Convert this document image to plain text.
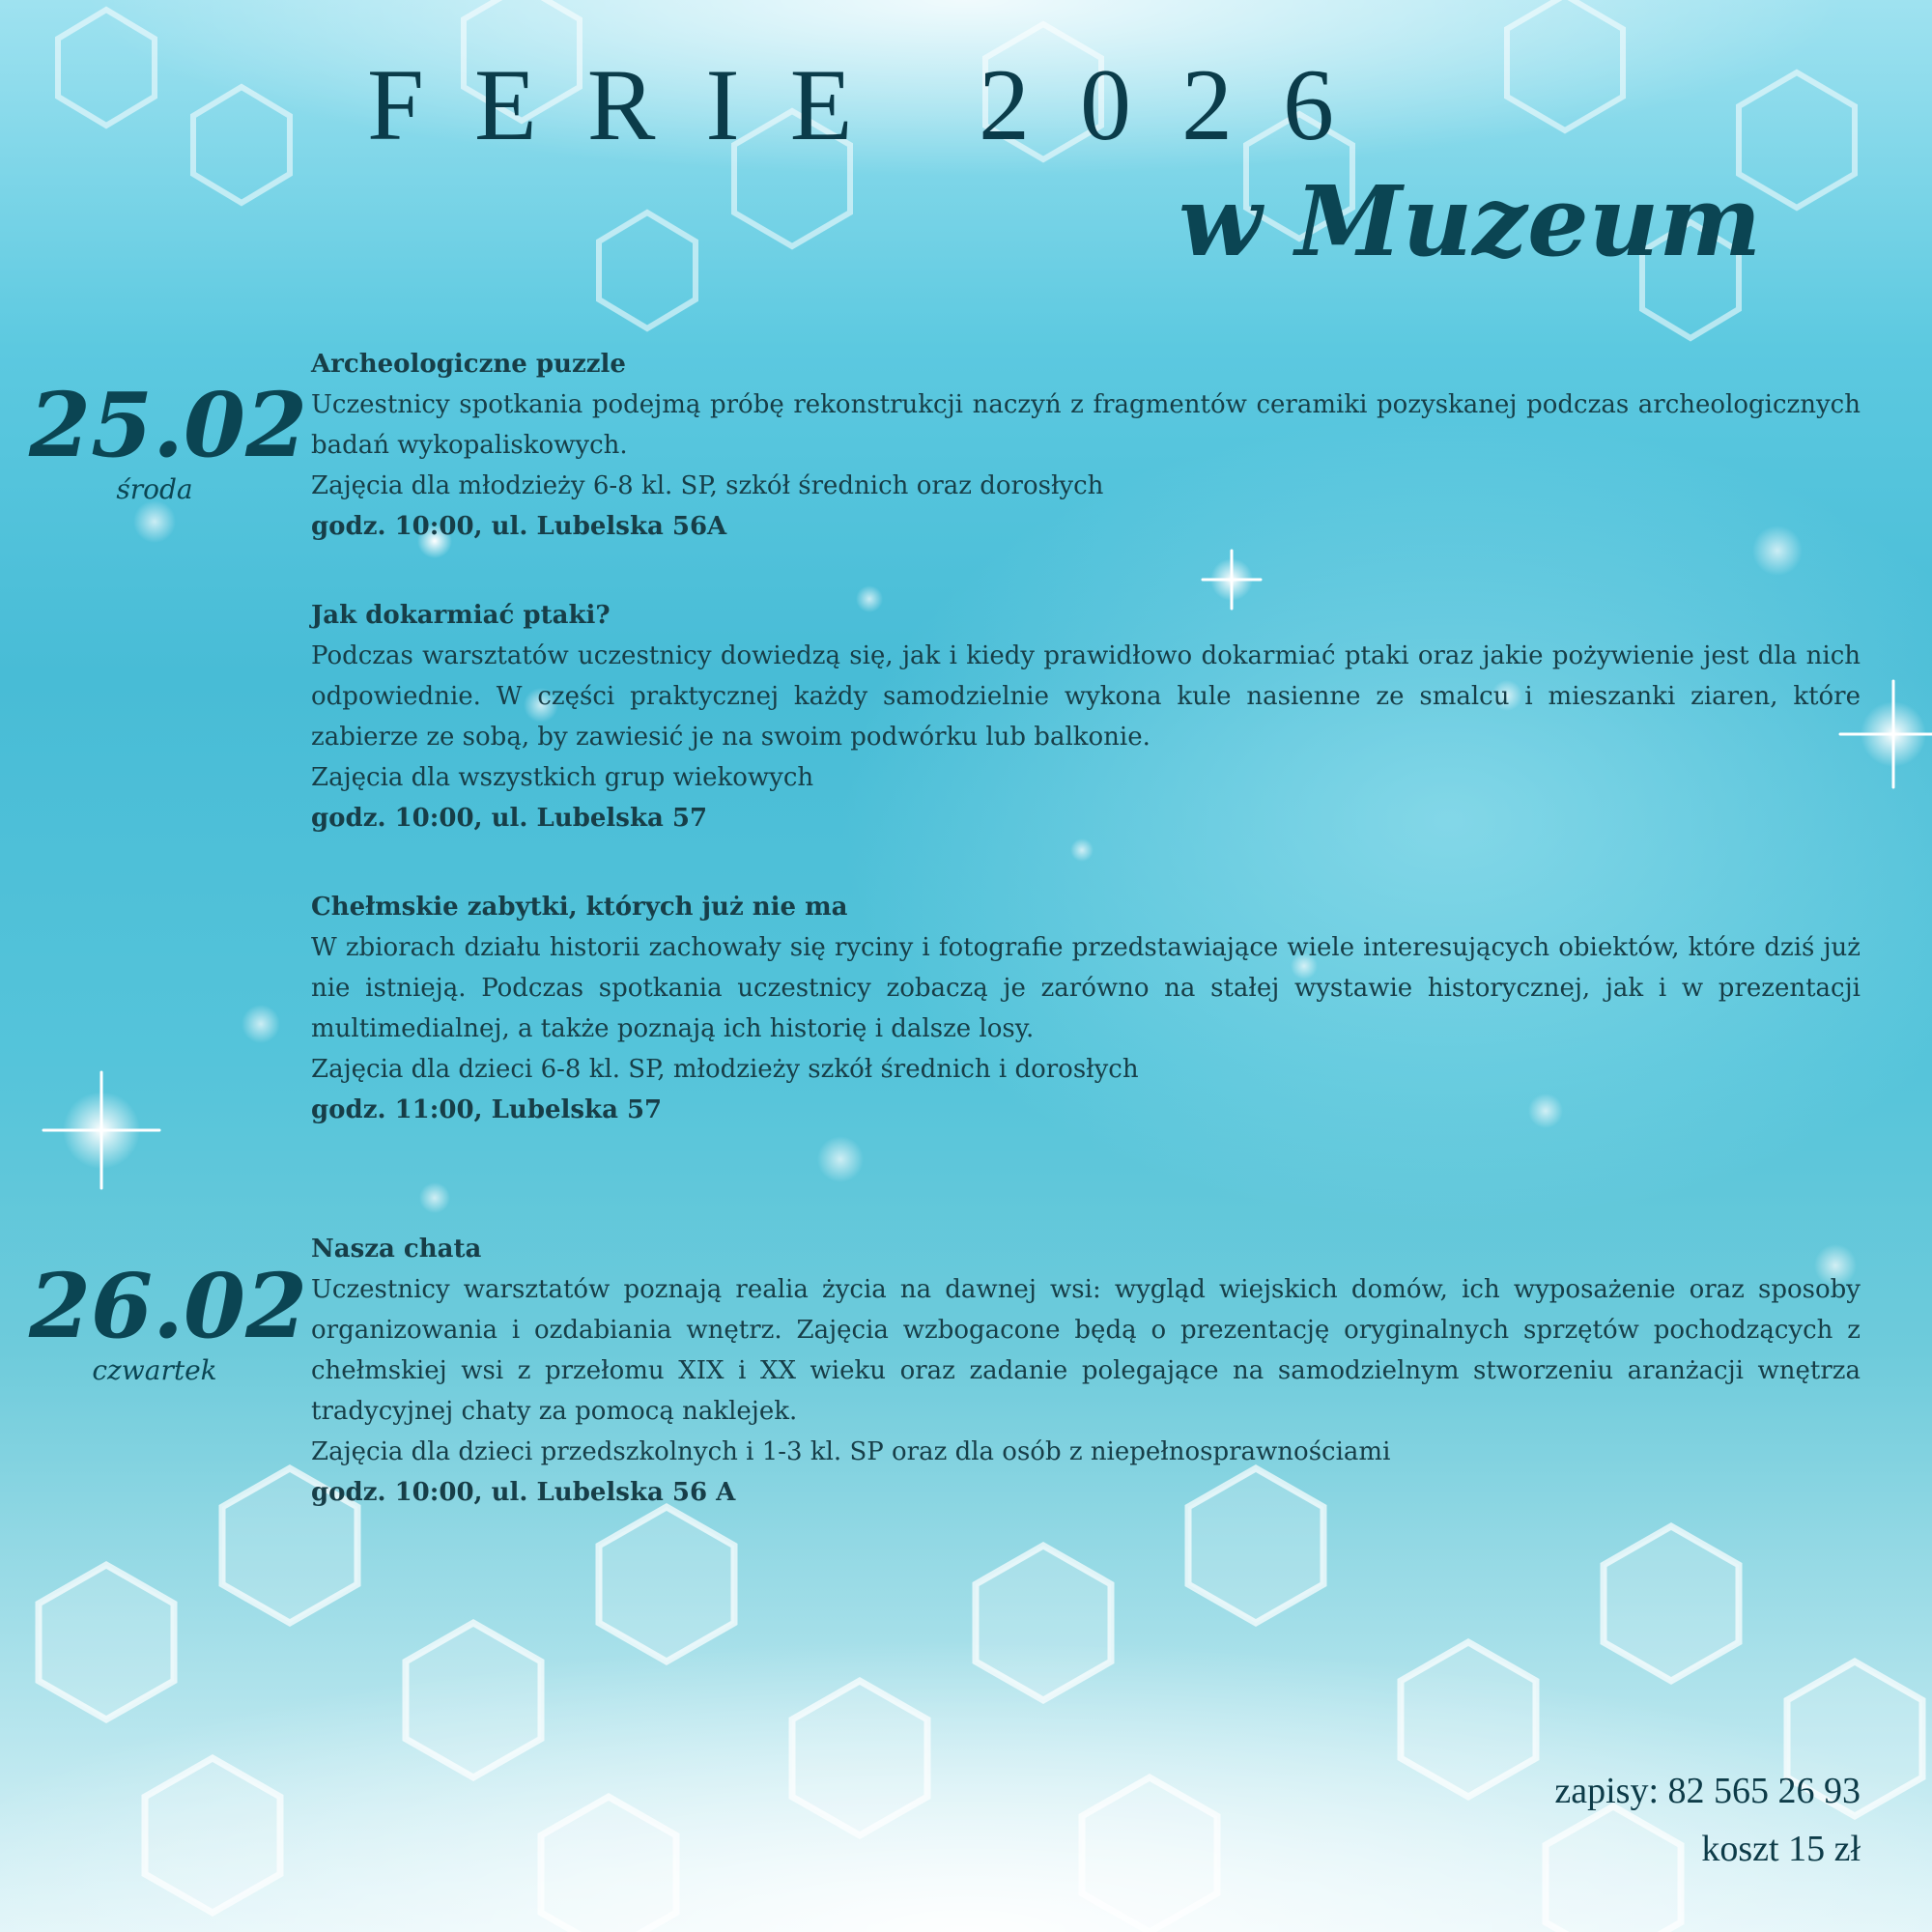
FERIE 2026
w Muzeum
25.02
środa

Archeologiczne puzzle

Uczestnicy spotkania podejmą próbę rekonstrukcji naczyń z fragmentów ceramiki pozyskanej podczas archeologicznych badań wykopaliskowych.

Zajęcia dla młodzieży 6-8 kl. SP, szkół średnich oraz dorosłych

godz. 10:00, ul. Lubelska 56A

Jak dokarmiać ptaki?

Podczas warsztatów uczestnicy dowiedzą się, jak i kiedy prawidłowo dokarmiać ptaki oraz jakie pożywienie jest dla nich odpowiednie. W części praktycznej każdy samodzielnie wykona kule nasienne ze smalcu i mieszanki ziaren, które zabierze ze sobą, by zawiesić je na swoim podwórku lub balkonie.

Zajęcia dla wszystkich grup wiekowych

godz. 10:00, ul. Lubelska 57

Chełmskie zabytki, których już nie ma

W zbiorach działu historii zachowały się ryciny i fotografie przedstawiające wiele interesujących obiektów, które dziś już nie istnieją. Podczas spotkania uczestnicy zobaczą je zarówno na stałej wystawie historycznej, jak i w prezentacji multimedialnej, a także poznają ich historię i dalsze losy.

Zajęcia dla dzieci 6-8 kl. SP, młodzieży szkół średnich i dorosłych

godz. 11:00, Lubelska 57

26.02
czwartek

Nasza chata

Uczestnicy warsztatów poznają realia życia na dawnej wsi: wygląd wiejskich domów, ich wyposażenie oraz sposoby organizowania i ozdabiania wnętrz. Zajęcia wzbogacone będą o prezentację oryginalnych sprzętów pochodzących z chełmskiej wsi z przełomu XIX i XX wieku oraz zadanie polegające na samodzielnym stworzeniu aranżacji wnętrza tradycyjnej chaty za pomocą naklejek.

Zajęcia dla dzieci przedszkolnych i 1-3 kl. SP oraz dla osób z niepełnosprawnościami

godz. 10:00, ul. Lubelska 56 A

zapisy: 82 565 26 93
koszt 15 zł
